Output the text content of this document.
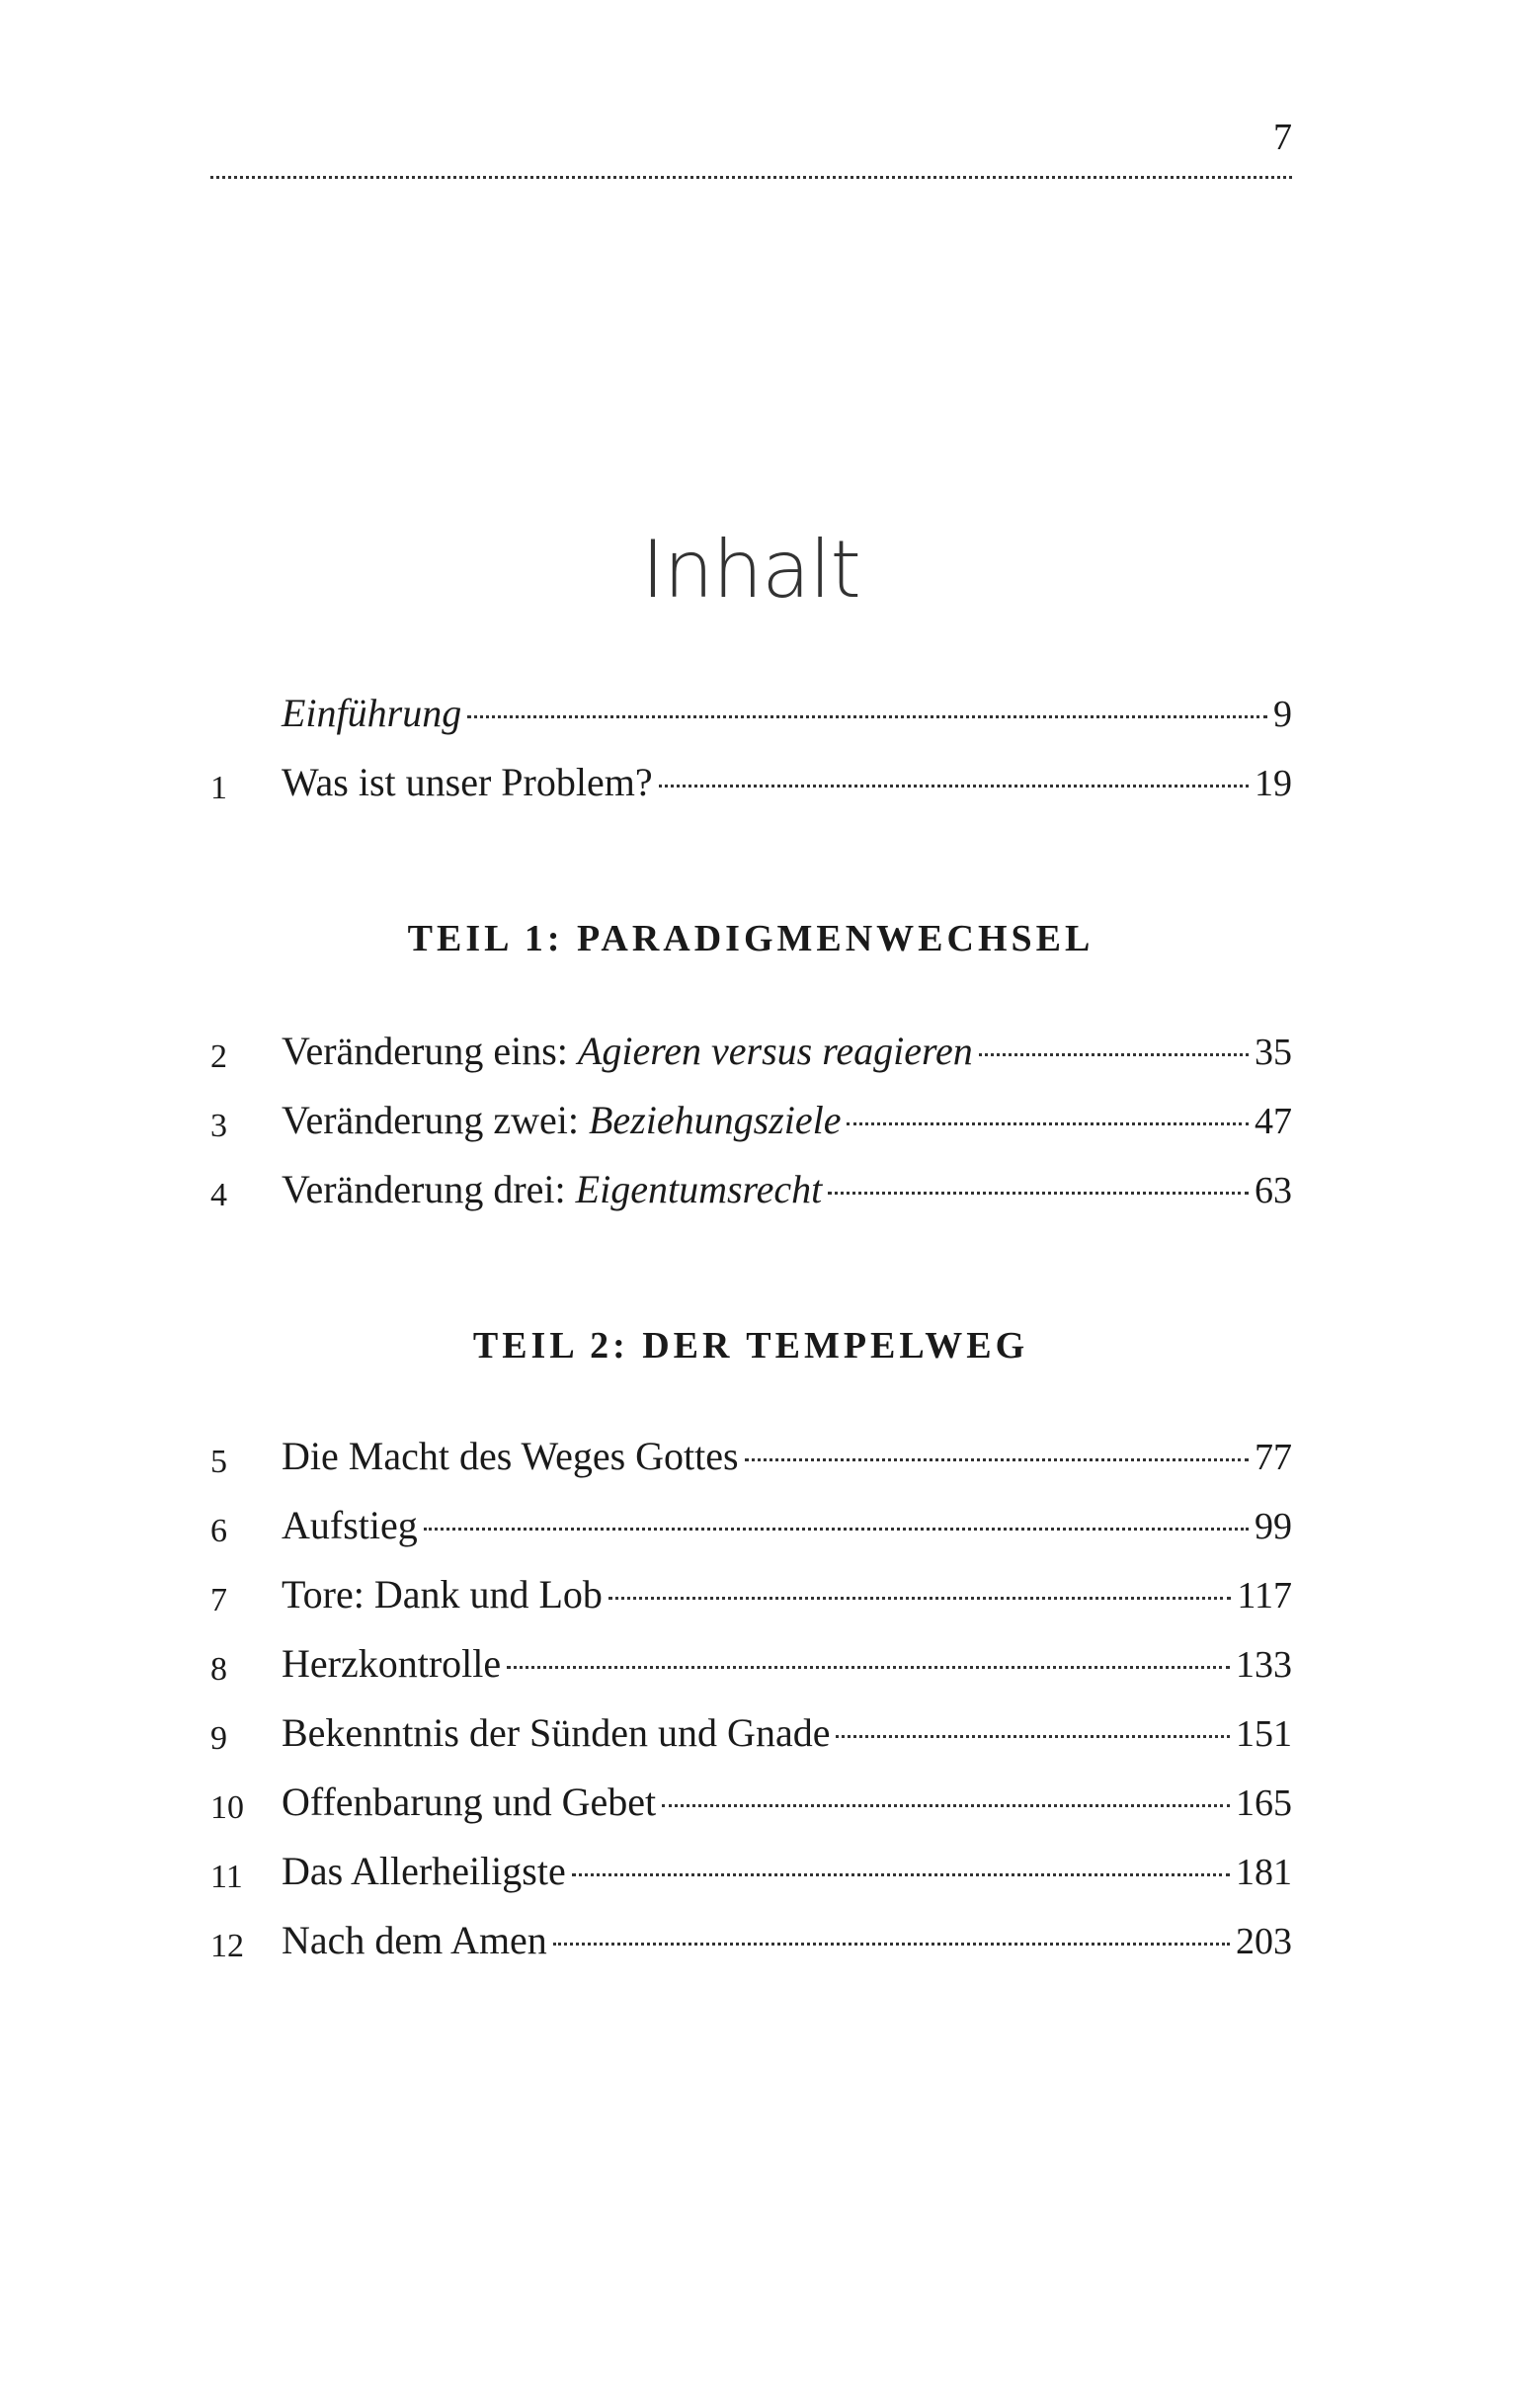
7
Inhalt
Einführung	9
1	Was ist unser Problem?	19
TEIL 1: PARADIGMENWECHSEL
2	Veränderung eins: Agieren versus reagieren	35
3	Veränderung zwei: Beziehungsziele	47
4	Veränderung drei: Eigentumsrecht	63
TEIL 2: DER TEMPELWEG
5	Die Macht des Weges Gottes	77
6	Aufstieg	99
7	Tore: Dank und Lob	117
8	Herzkontrolle	133
9	Bekenntnis der Sünden und Gnade	151
10 Offenbarung und Gebet	165
11 Das Allerheiligste	181
12 Nach dem Amen	203
